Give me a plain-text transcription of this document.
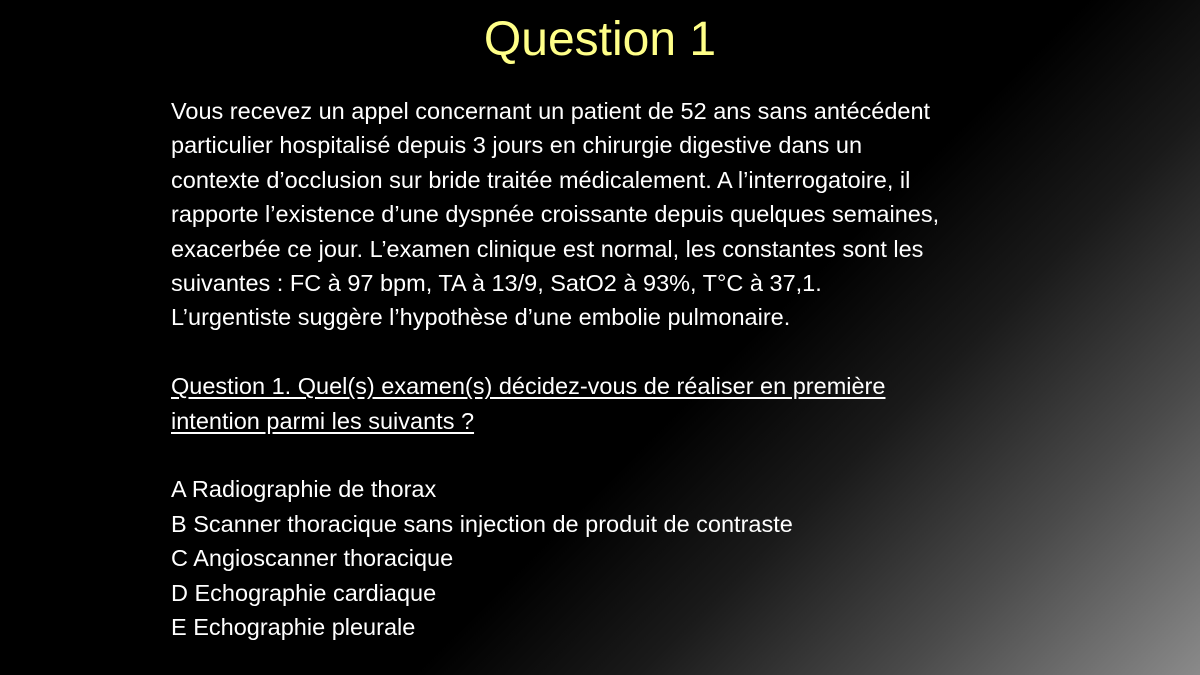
Question 1

Vous recevez un appel concernant un patient de 52 ans sans antécédent
particulier hospitalisé depuis 3 jours en chirurgie digestive dans un
contexte d’occlusion sur bride traitée médicalement. A l’interrogatoire, il
rapporte l’existence d’une dyspnée croissante depuis quelques semaines,
exacerbée ce jour. L’examen clinique est normal, les constantes sont les
suivantes : FC à 97 bpm, TA à 13/9, SatO2 à 93%, T°C à 37,1.
L’urgentiste suggère l’hypothèse d’une embolie pulmonaire.

Question 1. Quel(s) examen(s) décidez-vous de réaliser en première
intention parmi les suivants ?

A Radiographie de thorax
B Scanner thoracique sans injection de produit de contraste
C Angioscanner thoracique
D Echographie cardiaque
E Echographie pleurale
